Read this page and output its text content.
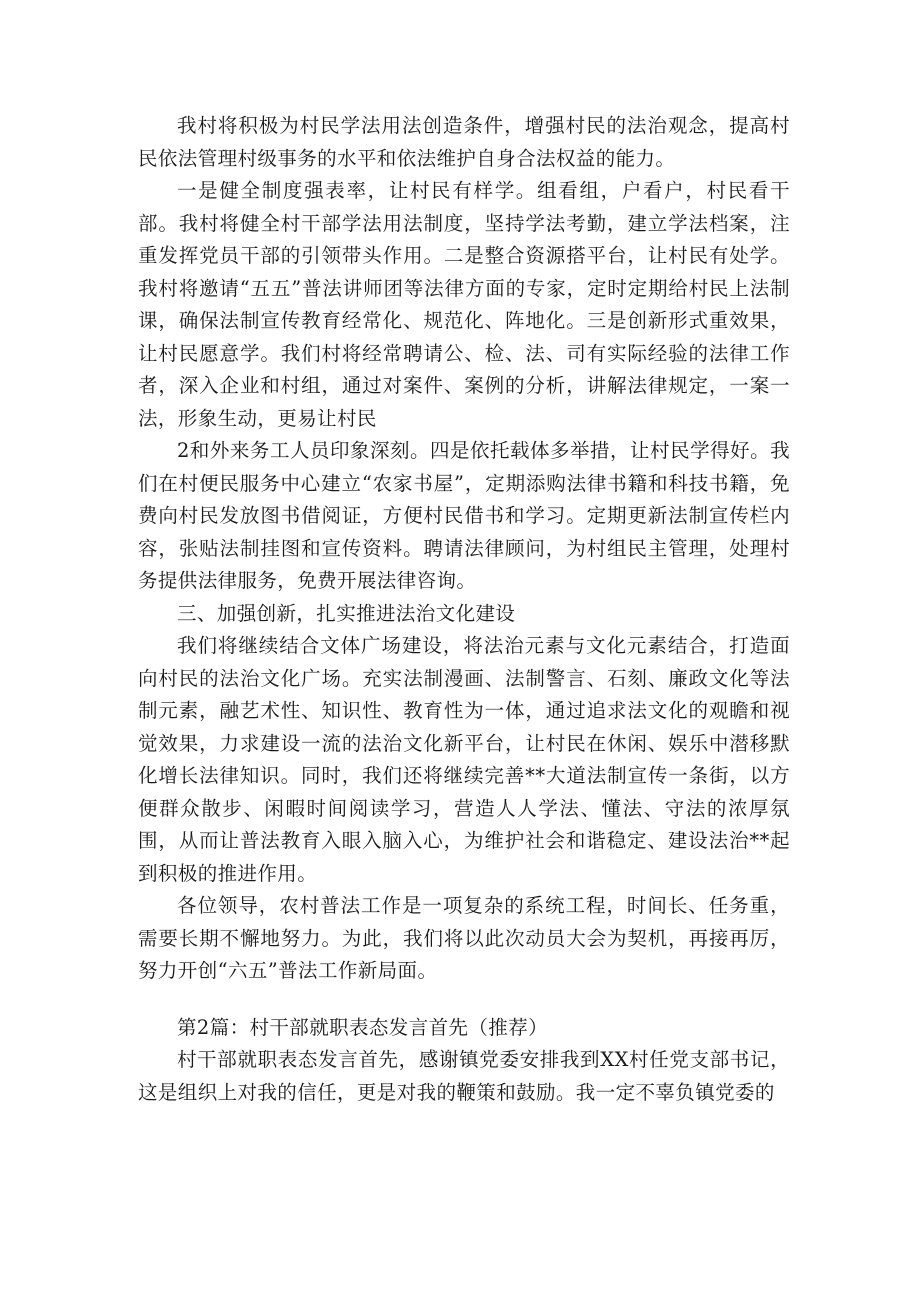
我村将积极为村民学法用法创造条件，增强村民的法治观念，提高村民依法管理村级事务的水平和依法维护自身合法权益的能力。

一是健全制度强表率，让村民有样学。组看组，户看户，村民看干部。我村将健全村干部学法用法制度，坚持学法考勤，建立学法档案，注重发挥党员干部的引领带头作用。二是整合资源搭平台，让村民有处学。我村将邀请“五五”普法讲师团等法律方面的专家，定时定期给村民上法制课，确保法制宣传教育经常化、规范化、阵地化。三是创新形式重效果，让村民愿意学。我们村将经常聘请公、检、法、司有实际经验的法律工作者，深入企业和村组，通过对案件、案例的分析，讲解法律规定，一案一法，形象生动，更易让村民

2和外来务工人员印象深刻。四是依托载体多举措，让村民学得好。我们在村便民服务中心建立“农家书屋”，定期添购法律书籍和科技书籍，免费向村民发放图书借阅证，方便村民借书和学习。定期更新法制宣传栏内容，张贴法制挂图和宣传资料。聘请法律顾问，为村组民主管理，处理村务提供法律服务，免费开展法律咨询。

三、加强创新，扎实推进法治文化建设

我们将继续结合文体广场建设，将法治元素与文化元素结合，打造面向村民的法治文化广场。充实法制漫画、法制警言、石刻、廉政文化等法制元素，融艺术性、知识性、教育性为一体，通过追求法文化的观瞻和视觉效果，力求建设一流的法治文化新平台，让村民在休闲、娱乐中潜移默化增长法律知识。同时，我们还将继续完善**大道法制宣传一条街，以方便群众散步、闲暇时间阅读学习，营造人人学法、懂法、守法的浓厚氛围，从而让普法教育入眼入脑入心，为维护社会和谐稳定、建设法治**起到积极的推进作用。

各位领导，农村普法工作是一项复杂的系统工程，时间长、任务重，需要长期不懈地努力。为此，我们将以此次动员大会为契机，再接再厉，努力开创“六五”普法工作新局面。

第2篇：村干部就职表态发言首先（推荐）

村干部就职表态发言首先，感谢镇党委安排我到XX村任党支部书记，这是组织上对我的信任，更是对我的鞭策和鼓励。我一定不辜负镇党委的
